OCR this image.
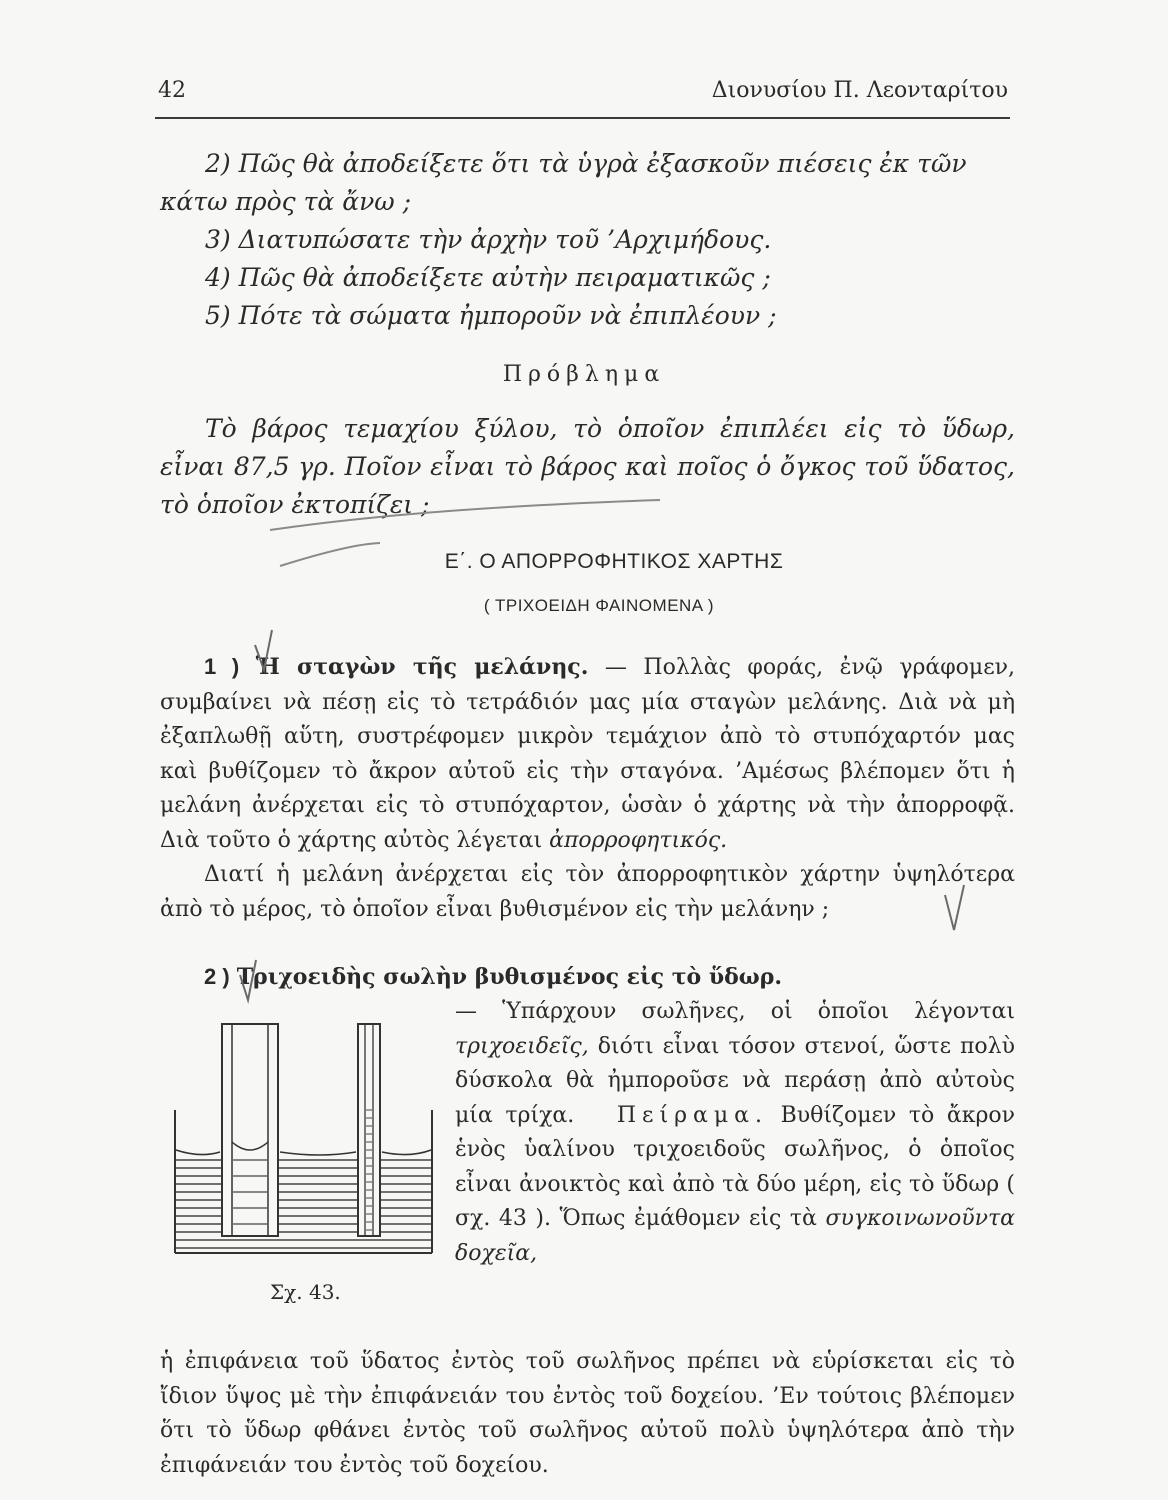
42	Διονυσίου Π. Λεονταρίτου
2) Πῶς θὰ ἀποδείξετε ὅτι τὰ ὑγρὰ ἐξασκοῦν πιέσεις ἐκ τῶν κάτω πρὸς τὰ ἄνω ;
3) Διατυπώσατε τὴν ἀρχὴν τοῦ ’Αρχιμήδους.
4) Πῶς θὰ ἀποδείξετε αὐτὴν πειραματικῶς ;
5) Πότε τὰ σώματα ἠμποροῦν νὰ ἐπιπλέουν ;
Πρόβλημα
Τὸ βάρος τεμαχίου ξύλου, τὸ ὁποῖον ἐπιπλέει εἰς τὸ ὕδωρ, εἶναι 87,5 γρ. Ποῖον εἶναι τὸ βάρος καὶ ποῖος ὁ ὄγκος τοῦ ὕδατος, τὸ ὁποῖον ἐκτοπίζει ;
Ε΄. Ο ΑΠΟΡΡΟΦΗΤΙΚΟΣ ΧΑΡΤΗΣ
( ΤΡΙΧΟΕΙΔΗ ΦΑΙΝΟΜΕΝΑ )
1 ) Ἡ σταγὼν τῆς μελάνης. — Πολλὰς φοράς, ἐνῷ γράφομεν, συμβαίνει νὰ πέσῃ εἰς τὸ τετράδιόν μας μία σταγὼν μελάνης. Διὰ νὰ μὴ ἐξαπλωθῇ αὕτη, συστρέφομεν μικρὸν τεμάχιον ἀπὸ τὸ στυπόχαρτόν μας καὶ βυθίζομεν τὸ ἄκρον αὐτοῦ εἰς τὴν σταγόνα. ’Αμέσως βλέπομεν ὅτι ἡ μελάνη ἀνέρχεται εἰς τὸ στυπόχαρτον, ὡσὰν ὁ χάρτης νὰ τὴν ἀπορροφᾷ. Διὰ τοῦτο ὁ χάρτης αὐτὸς λέγεται ἀπορροφητικός.
Διατί ἡ μελάνη ἀνέρχεται εἰς τὸν ἀπορροφητικὸν χάρτην ὑψηλότερα ἀπὸ τὸ μέρος, τὸ ὁποῖον εἶναι βυθισμένον εἰς τὴν μελάνην ;
2 ) Τριχοειδὴς σωλὴν βυθισμένος εἰς τὸ ὕδωρ.
— Ὑπάρχουν σωλῆνες, οἱ ὁποῖοι λέγονται τριχοειδεῖς, διότι εἶναι τόσον στενοί, ὥστε πολὺ δύσκολα θὰ ἠμποροῦσε νὰ περάσῃ ἀπὸ αὐτοὺς μία τρίχα. Πείραμα. Βυθίζομεν τὸ ἄκρον ἑνὸς ὑαλίνου τριχοειδοῦς σωλῆνος, ὁ ὁποῖος εἶναι ἀνοικτὸς καὶ ἀπὸ τὰ δύο μέρη, εἰς τὸ ὕδωρ ( σχ. 43 ). Ὅπως ἐμάθομεν εἰς τὰ συγκοινωνοῦντα δοχεῖα,
ἡ ἐπιφάνεια τοῦ ὕδατος ἐντὸς τοῦ σωλῆνος πρέπει νὰ εὑρίσκεται εἰς τὸ ἴδιον ὕψος μὲ τὴν ἐπιφάνειάν του ἐντὸς τοῦ δοχείου. ’Εν τούτοις βλέπομεν ὅτι τὸ ὕδωρ φθάνει ἐντὸς τοῦ σωλῆνος αὐτοῦ πολὺ ὑψηλότερα ἀπὸ τὴν ἐπιφάνειάν του ἐντὸς τοῦ δοχείου.
Σχ. 43.
